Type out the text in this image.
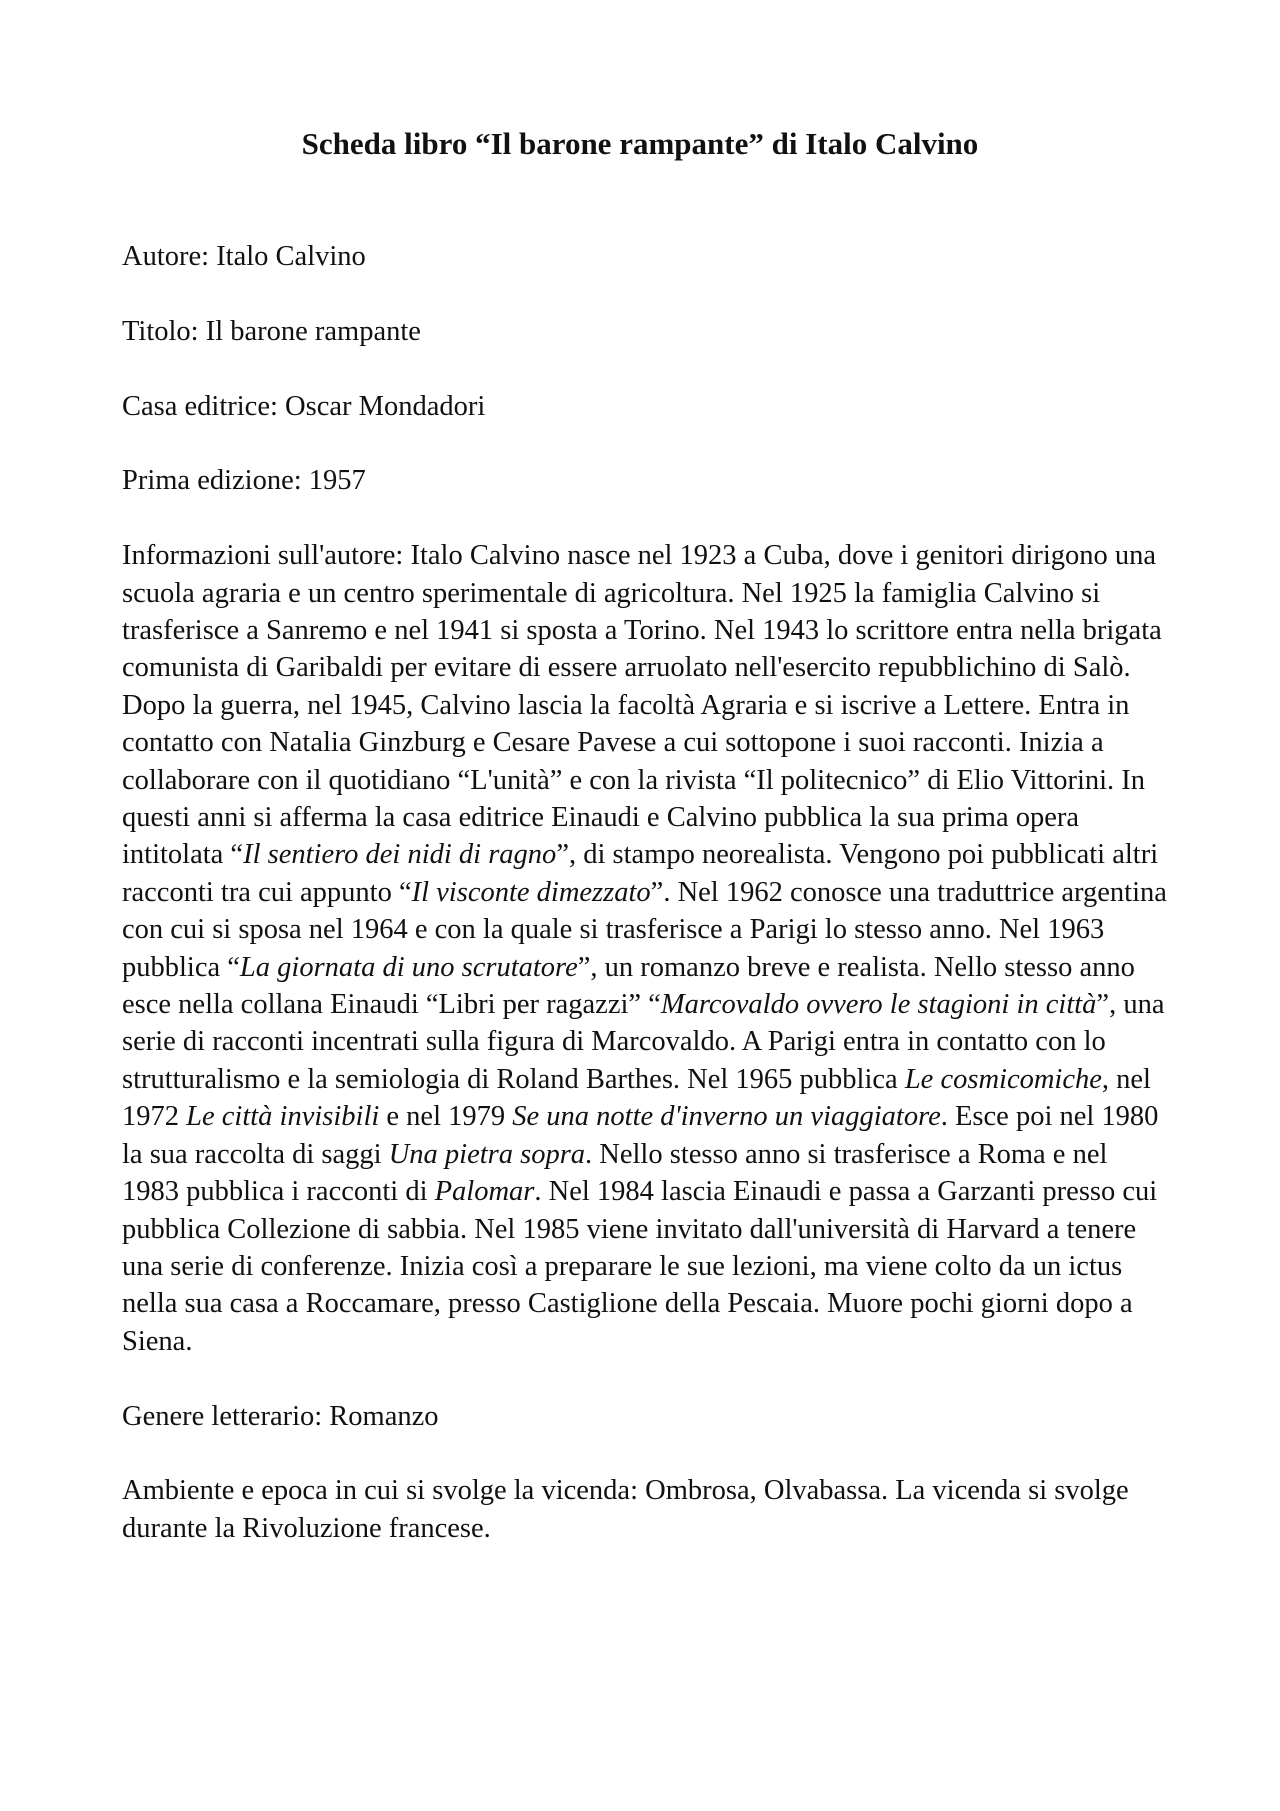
Scheda libro “Il barone rampante” di Italo Calvino

Autore: Italo Calvino

Titolo: Il barone rampante

Casa editrice: Oscar Mondadori

Prima edizione: 1957

Informazioni sull'autore: Italo Calvino nasce nel 1923 a Cuba, dove i genitori dirigono una scuola agraria e un centro sperimentale di agricoltura. Nel 1925 la famiglia Calvino si trasferisce a Sanremo e nel 1941 si sposta a Torino. Nel 1943 lo scrittore entra nella brigata comunista di Garibaldi per evitare di essere arruolato nell'esercito repubblichino di Salò. Dopo la guerra, nel 1945, Calvino lascia la facoltà Agraria e si iscrive a Lettere. Entra in contatto con Natalia Ginzburg e Cesare Pavese a cui sottopone i suoi racconti. Inizia a collaborare con il quotidiano “L'unità” e con la rivista “Il politecnico” di Elio Vittorini. In questi anni si afferma la casa editrice Einaudi e Calvino pubblica la sua prima opera intitolata “Il sentiero dei nidi di ragno”, di stampo neorealista. Vengono poi pubblicati altri racconti tra cui appunto “Il visconte dimezzato”. Nel 1962 conosce una traduttrice argentina con cui si sposa nel 1964 e con la quale si trasferisce a Parigi lo stesso anno. Nel 1963 pubblica “La giornata di uno scrutatore”, un romanzo breve e realista. Nello stesso anno esce nella collana Einaudi “Libri per ragazzi” “Marcovaldo ovvero le stagioni in città”, una serie di racconti incentrati sulla figura di Marcovaldo. A Parigi entra in contatto con lo strutturalismo e la semiologia di Roland Barthes. Nel 1965 pubblica Le cosmicomiche, nel 1972 Le città invisibili e nel 1979 Se una notte d'inverno un viaggiatore. Esce poi nel 1980 la sua raccolta di saggi Una pietra sopra. Nello stesso anno si trasferisce a Roma e nel 1983 pubblica i racconti di Palomar. Nel 1984 lascia Einaudi e passa a Garzanti presso cui pubblica Collezione di sabbia. Nel 1985 viene invitato dall'università di Harvard a tenere una serie di conferenze. Inizia così a preparare le sue lezioni, ma viene colto da un ictus nella sua casa a Roccamare, presso Castiglione della Pescaia. Muore pochi giorni dopo a Siena.

Genere letterario: Romanzo

Ambiente e epoca in cui si svolge la vicenda: Ombrosa, Olvabassa. La vicenda si svolge durante la Rivoluzione francese.
